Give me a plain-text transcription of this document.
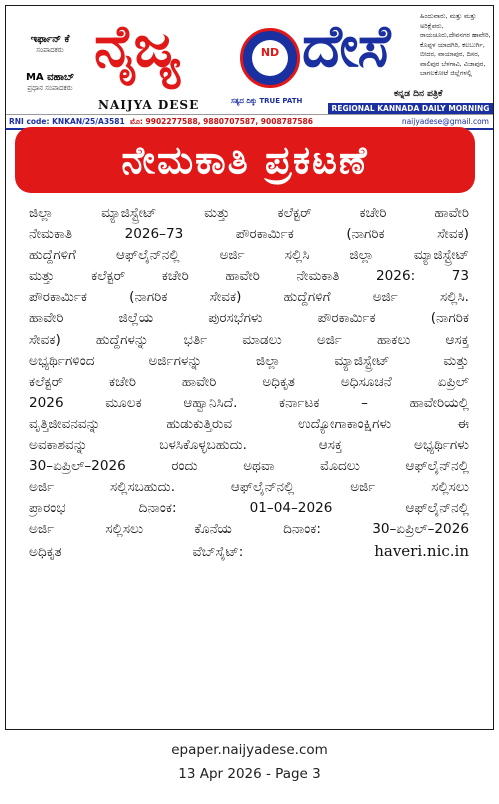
ಇರ್ಫಾನ್ ಕೆ
ಸಂಪಾದಕರು
MA ವಹಾಬ್
ಪ್ರಧಾನ ಸಂಪಾದಕರು
ನೈಜ್ಯ ದೇಸೆ
NAIJYA DESE
ND
ಸತ್ಯದ ದಿಕ್ಕು TRUE PATH
ಕನ್ನಡ ದಿನ ಪತ್ರಿಕೆ
ಹಿಂದುವಾರು, ಮತ್ತು ಮತ್ತು ಅರಿಕ್ಷೆಪರು, ರಾಯಚೂರು,ದೇವನಗರ ಹಾವೇರಿ, ಕೊಪ್ಪಳ ಯಾದಗಿರಿ, ಕಲಬುರ್ಗಿ, ಬೀದರ, ವಾಯಾಪುರ, ದಿಸರ, ವಾಲಿಪುರ ಬೆಳಗಾವಿ, ವಿಜಾಪುರ, ಬಾಗಲಕೋಟೆ ಜಿಲ್ಲೆಗಳಲ್ಲಿ
REGIONAL KANNADA DAILY MORNING
RNI code: KNKAN/25/A3581 ಮೊ: 9902277588, 9880707587, 9008787586	naijyadese@gmail.com
ನೇಮಕಾತಿ ಪ್ರಕಟಣೆ
ಜಿಲ್ಲಾ ಮ್ಯಾಜಿಸ್ಟ್ರೇಟ್ ಮತ್ತು ಕಲೆಕ್ಟರ್ ಕಚೇರಿ ಹಾವೇರಿ
ನೇಮಕಾತಿ 2026–73 ಪೌರಕಾರ್ಮಿಕ (ನಾಗರಿಕ ಸೇವಕ)
ಹುದ್ದೆಗಳಿಗೆ ಆಫ್‌ಲೈನ್‌ನಲ್ಲಿ ಅರ್ಜಿ ಸಲ್ಲಿಸಿ ಜಿಲ್ಲಾ ಮ್ಯಾಜಿಸ್ಟ್ರೇಟ್
ಮತ್ತು ಕಲೆಕ್ಟರ್ ಕಚೇರಿ ಹಾವೇರಿ ನೇಮಕಾತಿ 2026: 73
ಪೌರಕಾರ್ಮಿಕ (ನಾಗರಿಕ ಸೇವಕ) ಹುದ್ದೆಗಳಿಗೆ ಅರ್ಜಿ ಸಲ್ಲಿಸಿ.
ಹಾವೇರಿ ಜಿಲ್ಲೆಯ ಪುರಸಭೆಗಳು ಪೌರಕಾರ್ಮಿಕ (ನಾಗರಿಕ
ಸೇವಕ) ಹುದ್ದೆಗಳನ್ನು ಭರ್ತಿ ಮಾಡಲು ಅರ್ಜಿ ಹಾಕಲು ಆಸಕ್ತ
ಅಭ್ಯರ್ಥಿಗಳಿಂದ ಅರ್ಜಿಗಳನ್ನು ಜಿಲ್ಲಾ ಮ್ಯಾಜಿಸ್ಟ್ರೇಟ್ ಮತ್ತು
ಕಲೆಕ್ಟರ್ ಕಚೇರಿ ಹಾವೇರಿ ಅಧಿಕೃತ ಅಧಿಸೂಚನೆ ಏಪ್ರಿಲ್
2026 ಮೂಲಕ ಆಹ್ವಾನಿಸಿದೆ. ಕರ್ನಾಟಕ – ಹಾವೇರಿಯಲ್ಲಿ
ವೃತ್ತಿಜೀವನವನ್ನು ಹುಡುಕುತ್ತಿರುವ ಉದ್ಯೋಗಾಕಾಂಕ್ಷಿಗಳು ಈ
ಅವಕಾಶವನ್ನು ಬಳಸಿಕೊಳ್ಳಬಹುದು. ಆಸಕ್ತ ಅಭ್ಯರ್ಥಿಗಳು
30–ಏಪ್ರಿಲ್–2026 ರಂದು ಅಥವಾ ಮೊದಲು ಆಫ್‌ಲೈನ್‌ನಲ್ಲಿ
ಅರ್ಜಿ ಸಲ್ಲಿಸಬಹುದು. ಆಫ್‌ಲೈನ್‌ನಲ್ಲಿ ಅರ್ಜಿ ಸಲ್ಲಿಸಲು
ಪ್ರಾರಂಭ ದಿನಾಂಕ: 01–04–2026 ಆಫ್‌ಲೈನ್‌ನಲ್ಲಿ
ಅರ್ಜಿ ಸಲ್ಲಿಸಲು ಕೊನೆಯ ದಿನಾಂಕ: 30–ಏಪ್ರಿಲ್–2026
ಅಧಿಕೃತ ವೆಬ್‌ಸೈಟ್:	haveri.nic.in
epaper.naijyadese.com
13 Apr 2026 - Page 3
